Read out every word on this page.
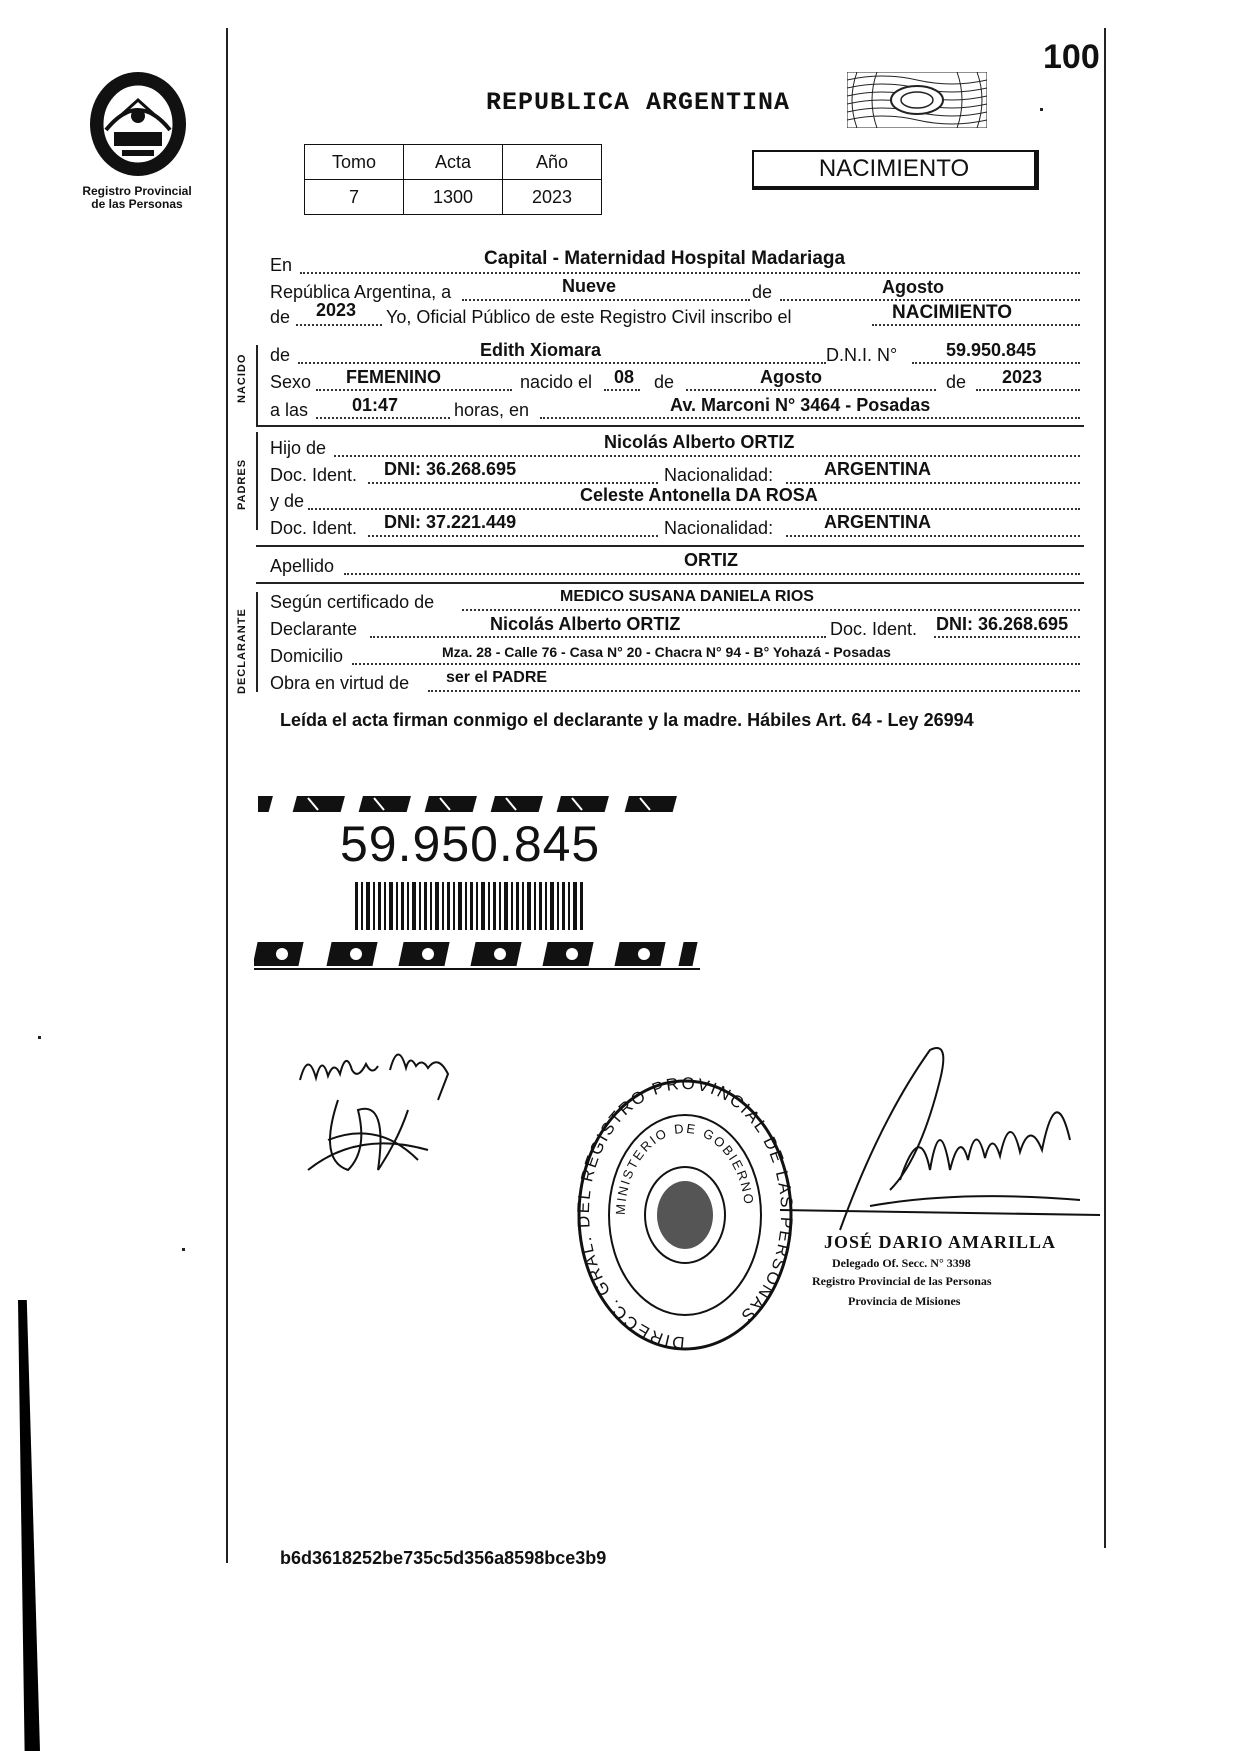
100
Registro Provincial
de las Personas
REPUBLICA ARGENTINA
Tomo	Acta	Año
7	1300	2023
NACIMIENTO
En	Capital - Maternidad Hospital Madariaga
República Argentina, a	Nueve	de	Agosto
de 2023 Yo, Oficial Público de este Registro Civil inscribo el	NACIMIENTO
NACIDO de	Edith Xiomara	D.N.I. N°	59.950.845
Sexo FEMENINO	nacido el 08 de	Agosto	de 2023
a las 01:47	horas, en	Av. Marconi N° 3464 - Posadas
PADRES
Hijo de	Nicolás Alberto ORTIZ
Doc. Ident. DNI: 36.268.695	Nacionalidad:	ARGENTINA
y de	Celeste Antonella DA ROSA
Doc. Ident. DNI: 37.221.449	Nacionalidad:	ARGENTINA
Apellido	ORTIZ
DECLARANTE
Según certificado de	MEDICO SUSANA DANIELA RIOS
Declarante	Nicolás Alberto ORTIZ	Doc. Ident. DNI: 36.268.695
Domicilio	Mza. 28 - Calle 76 - Casa N° 20 - Chacra N° 94 - B° Yohazá - Posadas
Obra en virtud de ser el PADRE
Leída el acta firman conmigo el declarante y la madre. Hábiles Art. 64 - Ley 26994
59.950.845
DIRECC. GRAL. DEL REGISTRO PROVINCIAL DE LAS PERSONAS
MINISTERIO DE GOBIERNO
JOSÉ DARIO AMARILLA
Delegado Of. Secc. N° 3398
Registro Provincial de las Personas
Provincia de Misiones
b6d3618252be735c5d356a8598bce3b9
